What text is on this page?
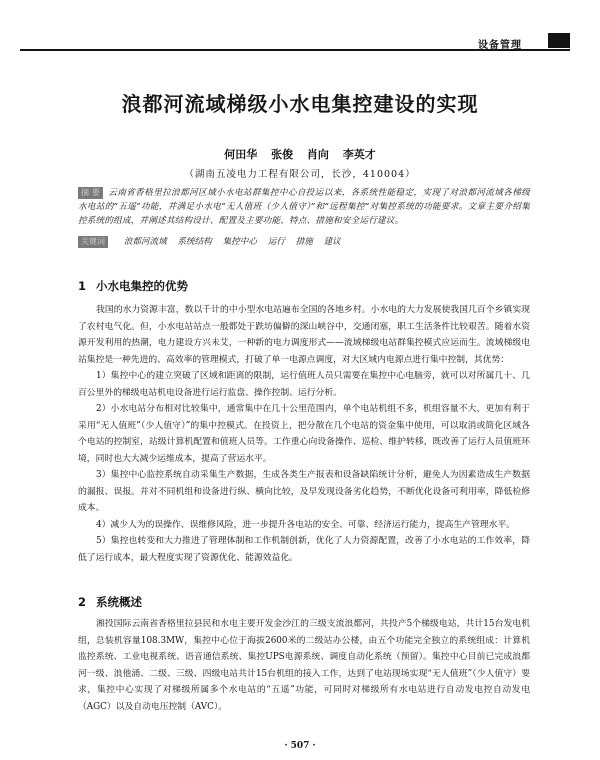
设备管理
浪都河流域梯级小水电集控建设的实现
何田华 张俊 肖向 李英才
（湖南五凌电力工程有限公司，长沙，410004）
摘 要 云南省香格里拉浪都河区域小水电站群集控中心自投运以来，各系统性能稳定，实现了对浪都河流域各梯级水电站的“五遥”功能，并满足小水电“无人值班（少人值守）”和“远程集控”对集控系统的功能要求。文章主要介绍集控系统的组成，并阐述其结构设计、配置及主要功能、特点、措施和安全运行建议。
关键词 浪都河流域 系统结构 集控中心 运行 措施 建议
1 小水电集控的优势

我国的水力资源丰富，数以千计的中小型水电站遍布全国的各地乡村。小水电的大力发展使我国几百个乡镇实现了农村电气化。但，小水电站站点一般都处于跌坊偏僻的深山峡谷中，交通闭塞，职工生活条件比较艰苦。随着水资源开发利用的热潮，电力建设方兴未艾，一种新的电力调度形式——流域梯级电站群集控模式应运而生。流域梯级电站集控是一种先进的、高效率的管理模式，打破了单一电源点调度，对大区域内电源点进行集中控制，其优势：

1）集控中心的建立突破了区域和距离的限制，运行值班人员只需要在集控中心电脑旁，就可以对所属几十、几百公里外的梯级电站机电设备进行运行监盘、操作控制、运行分析。

2）小水电站分布相对比较集中，通常集中在几十公里范围内，单个电站机组不多，机组容量不大，更加有利于采用“无人值班”（少人值守）”的集中控模式。在投资上，把分散在几个电站的资金集中使用，可以取消或简化区域各个电站的控制室，站级计算机配置和值班人员等。工作重心向设备操作、巡检、维护转移，既改善了运行人员值班环境，同时也大大减少运维成本，提高了营运水平。

3）集控中心监控系统自动采集生产数据，生成各类生产报表和设备缺陷统计分析，避免人为因素造成生产数据的漏报、误报。并对不同机组和设备进行纵、横向比较，及早发现设备劣化趋势，不断优化设备可利用率，降低检修成本。

4）减少人为的误操作、误维修风险，进一步提升各电站的安全、可靠、经济运行能力，提高生产管理水平。

5）集控也转变和大力推进了管理体制和工作机制创新，优化了人力资源配置，改善了小水电站的工作效率，降低了运行成本，最大程度实现了资源优化、能源效益化。

2 系统概述

湘投国际云南省香格里拉县民和水电主要开发金沙江的三级支流浪都河，共投产5个梯级电站，共计15台发电机组，总装机容量108.3MW，集控中心位于海拔2600米的二级站办公楼，由五个功能完全独立的系统组成：计算机监控系统、工业电视系统、语音通信系统、集控UPS电源系统、调度自动化系统（预留）。集控中心目前已完成浪都河一级、浪他涌、二级、三级、四级电站共计15台机组的接入工作，达到了电站现场实现“无人值班”（少人值守）要求，集控中心实现了对梯级所属多个水电站的“五遥”功能，可同时对梯级所有水电站进行自动发电控自动发电（AGC）以及自动电压控制（AVC）。

· 507 ·
